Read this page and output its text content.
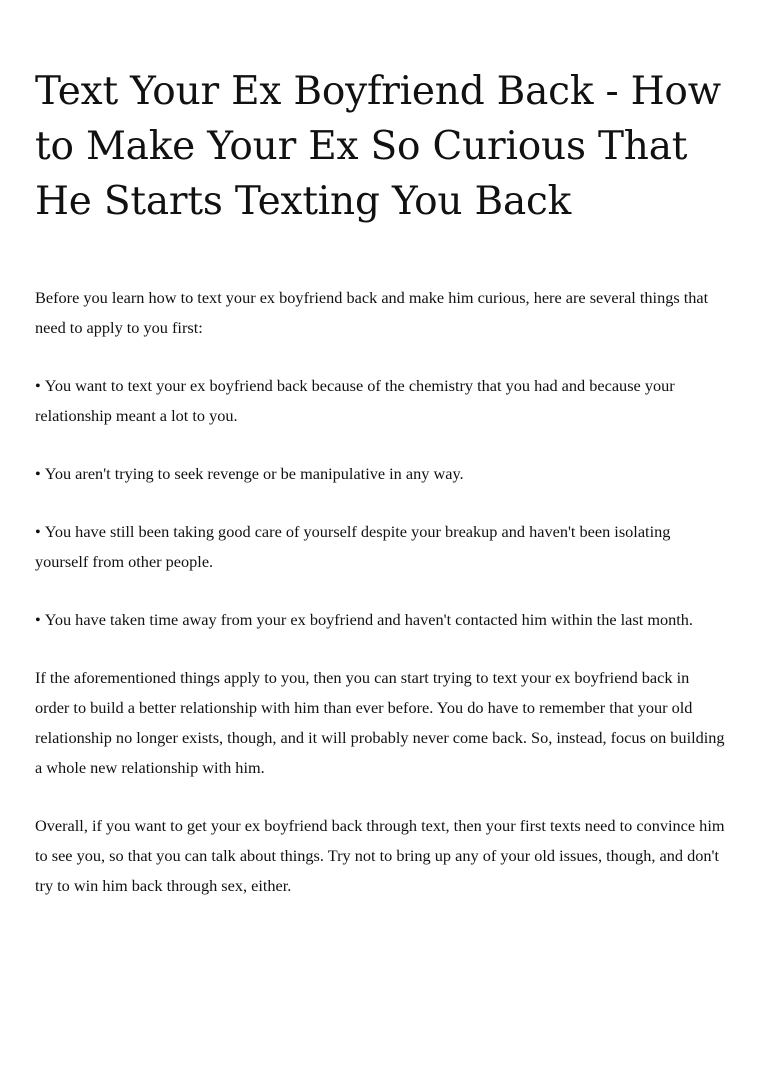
Text Your Ex Boyfriend Back - How to Make Your Ex So Curious That He Starts Texting You Back

Before you learn how to text your ex boyfriend back and make him curious, here are several things that need to apply to you first:

• You want to text your ex boyfriend back because of the chemistry that you had and because your relationship meant a lot to you.

• You aren't trying to seek revenge or be manipulative in any way.

• You have still been taking good care of yourself despite your breakup and haven't been isolating yourself from other people.

• You have taken time away from your ex boyfriend and haven't contacted him within the last month.

If the aforementioned things apply to you, then you can start trying to text your ex boyfriend back in order to build a better relationship with him than ever before. You do have to remember that your old relationship no longer exists, though, and it will probably never come back. So, instead, focus on building a whole new relationship with him.

Overall, if you want to get your ex boyfriend back through text, then your first texts need to convince him to see you, so that you can talk about things. Try not to bring up any of your old issues, though, and don't try to win him back through sex, either.
